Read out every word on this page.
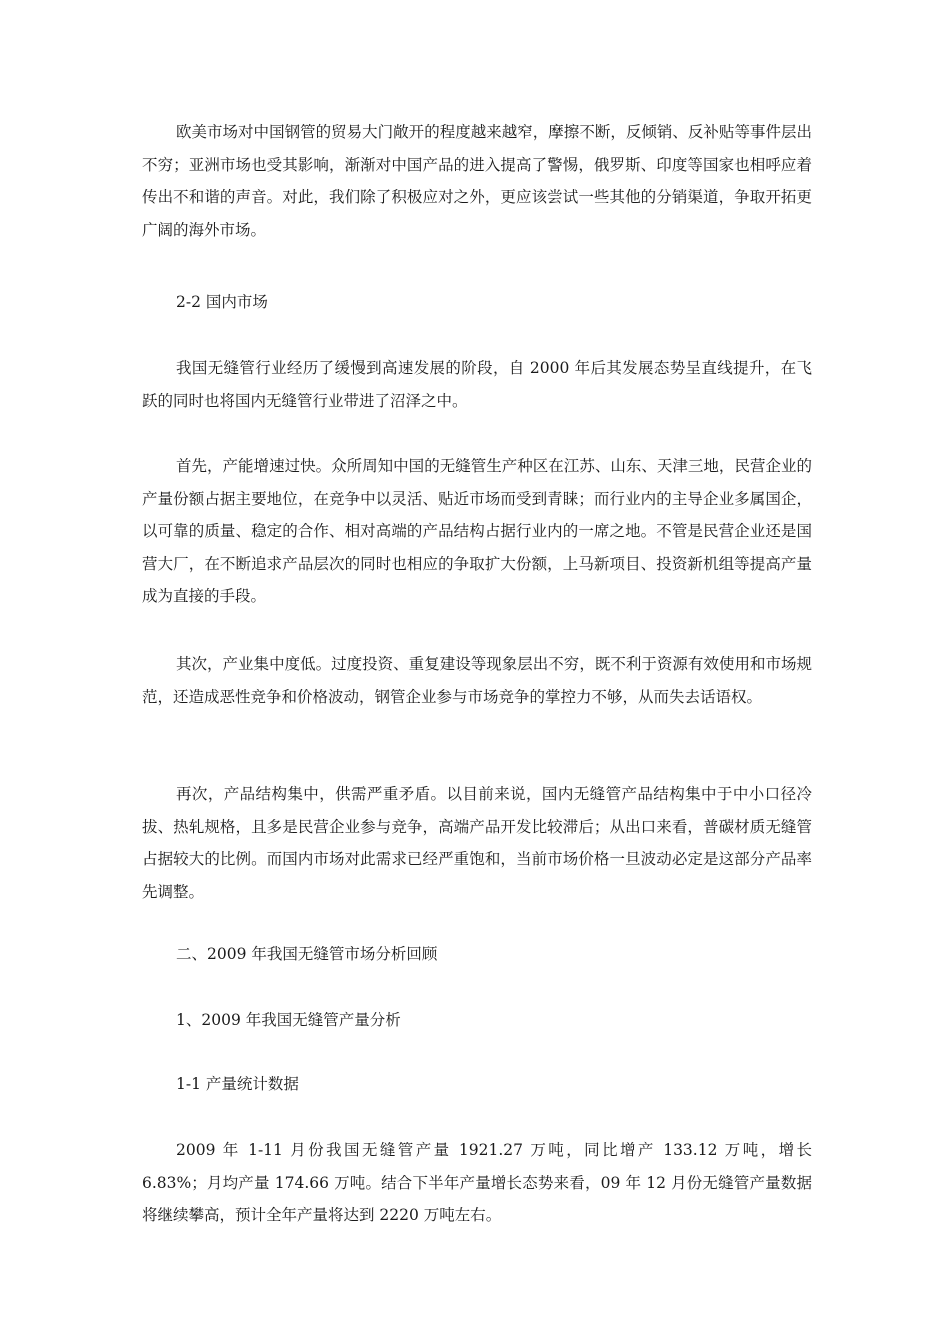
欧美市场对中国钢管的贸易大门敞开的程度越来越窄，摩擦不断，反倾销、反补贴等事件层出不穷；亚洲市场也受其影响，渐渐对中国产品的进入提高了警惕，俄罗斯、印度等国家也相呼应着传出不和谐的声音。对此，我们除了积极应对之外，更应该尝试一些其他的分销渠道，争取开拓更广阔的海外市场。

2-2 国内市场

我国无缝管行业经历了缓慢到高速发展的阶段，自 2000 年后其发展态势呈直线提升，在飞跃的同时也将国内无缝管行业带进了沼泽之中。

首先，产能增速过快。众所周知中国的无缝管生产种区在江苏、山东、天津三地，民营企业的产量份额占据主要地位，在竞争中以灵活、贴近市场而受到青睐；而行业内的主导企业多属国企，以可靠的质量、稳定的合作、相对高端的产品结构占据行业内的一席之地。不管是民营企业还是国营大厂，在不断追求产品层次的同时也相应的争取扩大份额，上马新项目、投资新机组等提高产量成为直接的手段。

其次，产业集中度低。过度投资、重复建设等现象层出不穷，既不利于资源有效使用和市场规范，还造成恶性竞争和价格波动，钢管企业参与市场竞争的掌控力不够，从而失去话语权。

再次，产品结构集中，供需严重矛盾。以目前来说，国内无缝管产品结构集中于中小口径冷拔、热轧规格，且多是民营企业参与竞争，高端产品开发比较滞后；从出口来看，普碳材质无缝管占据较大的比例。而国内市场对此需求已经严重饱和，当前市场价格一旦波动必定是这部分产品率先调整。

二、2009 年我国无缝管市场分析回顾

1、2009 年我国无缝管产量分析

1-1 产量统计数据

2009 年 1-11 月份我国无缝管产量 1921.27 万吨，同比增产 133.12 万吨，增长 6.83%；月均产量 174.66 万吨。结合下半年产量增长态势来看，09 年 12 月份无缝管产量数据将继续攀高，预计全年产量将达到 2220 万吨左右。
